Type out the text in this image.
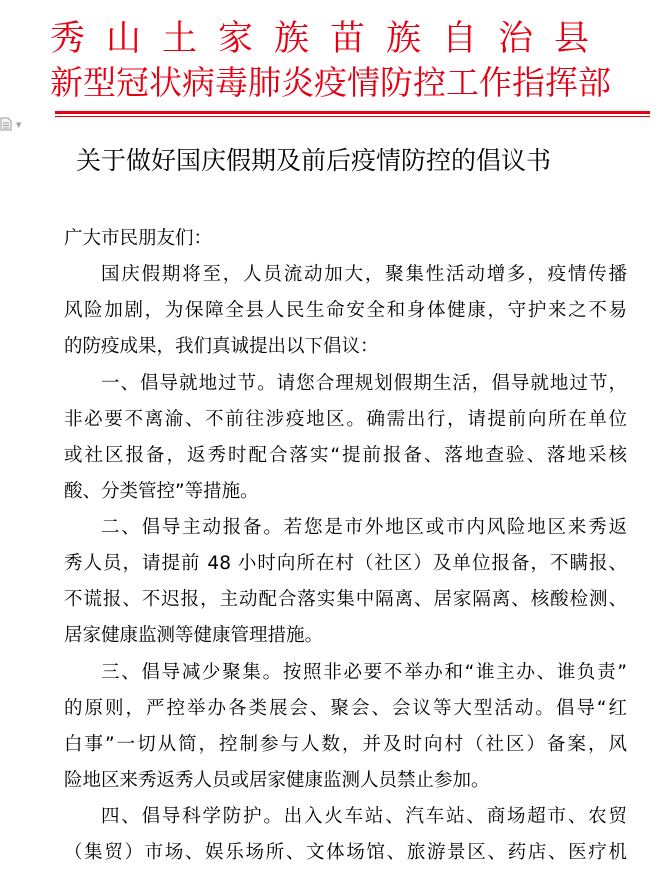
秀山土家族苗族自治县
新型冠状病毒肺炎疫情防控工作指挥部
▼
关于做好国庆假期及前后疫情防控的倡议书
广大市民朋友们：
国庆假期将至，人员流动加大，聚集性活动增多，疫情传播
风险加剧，为保障全县人民生命安全和身体健康，守护来之不易
的防疫成果，我们真诚提出以下倡议：
一、倡导就地过节。请您合理规划假期生活，倡导就地过节，
非必要不离渝、不前往涉疫地区。确需出行，请提前向所在单位
或社区报备，返秀时配合落实“提前报备、落地查验、落地采核
酸、分类管控”等措施。
二、倡导主动报备。若您是市外地区或市内风险地区来秀返
秀人员，请提前 48 小时向所在村（社区）及单位报备，不瞒报、
不谎报、不迟报，主动配合落实集中隔离、居家隔离、核酸检测、
居家健康监测等健康管理措施。
三、倡导减少聚集。按照非必要不举办和“谁主办、谁负责”
的原则，严控举办各类展会、聚会、会议等大型活动。倡导“红
白事”一切从简，控制参与人数，并及时向村（社区）备案，风
险地区来秀返秀人员或居家健康监测人员禁止参加。
四、倡导科学防护。出入火车站、汽车站、商场超市、农贸
（集贸）市场、娱乐场所、文体场馆、旅游景区、药店、医疗机
